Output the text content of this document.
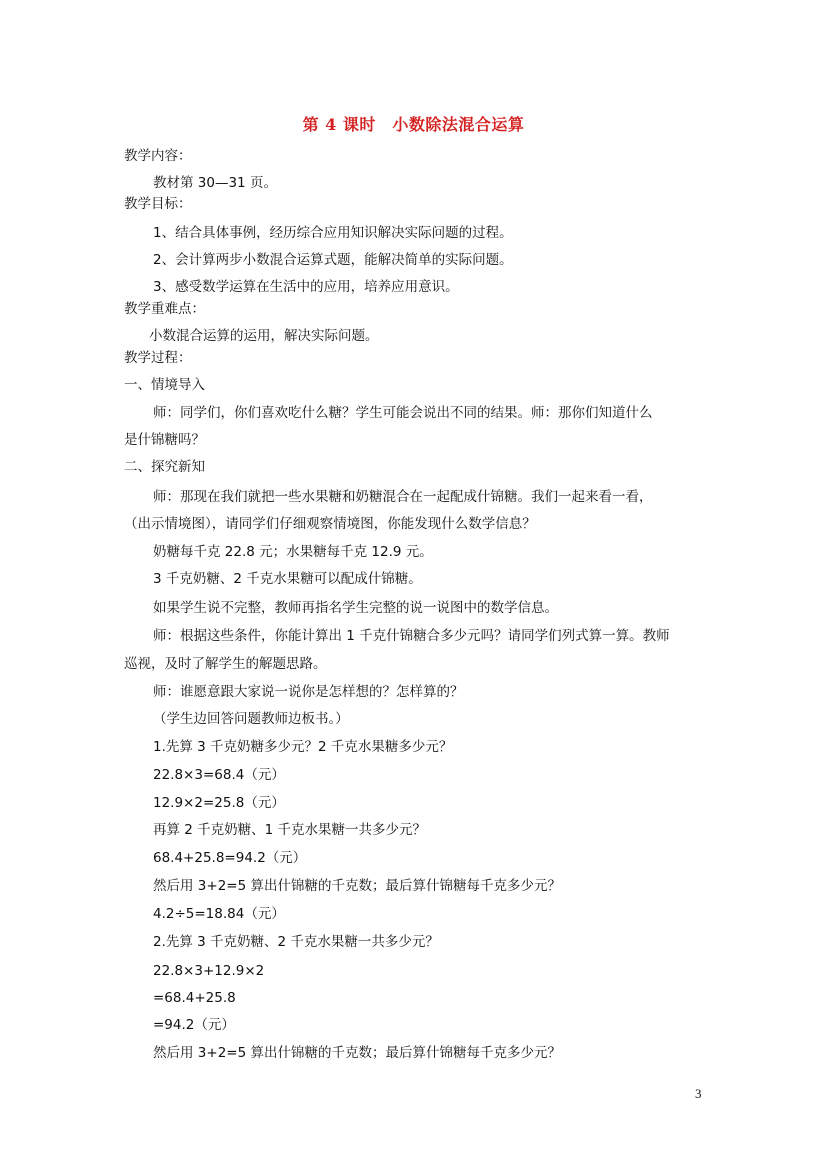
第 4 课时　小数除法混合运算
教学内容：
教材第 30—31 页。
教学目标：
1、结合具体事例，经历综合应用知识解决实际问题的过程。
2、会计算两步小数混合运算式题，能解决简单的实际问题。
3、感受数学运算在生活中的应用，培养应用意识。
教学重难点：
小数混合运算的运用，解决实际问题。
教学过程：
一、情境导入
师：同学们，你们喜欢吃什么糖？学生可能会说出不同的结果。师：那你们知道什么
是什锦糖吗？
二、探究新知
师：那现在我们就把一些水果糖和奶糖混合在一起配成什锦糖。我们一起来看一看，
（出示情境图），请同学们仔细观察情境图，你能发现什么数学信息？
奶糖每千克 22.8 元；水果糖每千克 12.9 元。
3 千克奶糖、2 千克水果糖可以配成什锦糖。
如果学生说不完整，教师再指名学生完整的说一说图中的数学信息。
师：根据这些条件，你能计算出 1 千克什锦糖合多少元吗？请同学们列式算一算。教师
巡视，及时了解学生的解题思路。
师：谁愿意跟大家说一说你是怎样想的？怎样算的？
（学生边回答问题教师边板书。）
1.先算 3 千克奶糖多少元？2 千克水果糖多少元？
22.8×3=68.4（元）
12.9×2=25.8（元）
再算 2 千克奶糖、1 千克水果糖一共多少元？
68.4+25.8=94.2（元）
然后用 3+2=5 算出什锦糖的千克数；最后算什锦糖每千克多少元？
4.2÷5=18.84（元）
2.先算 3 千克奶糖、2 千克水果糖一共多少元？
22.8×3+12.9×2
=68.4+25.8
=94.2（元）
然后用 3+2=5 算出什锦糖的千克数；最后算什锦糖每千克多少元？
3
